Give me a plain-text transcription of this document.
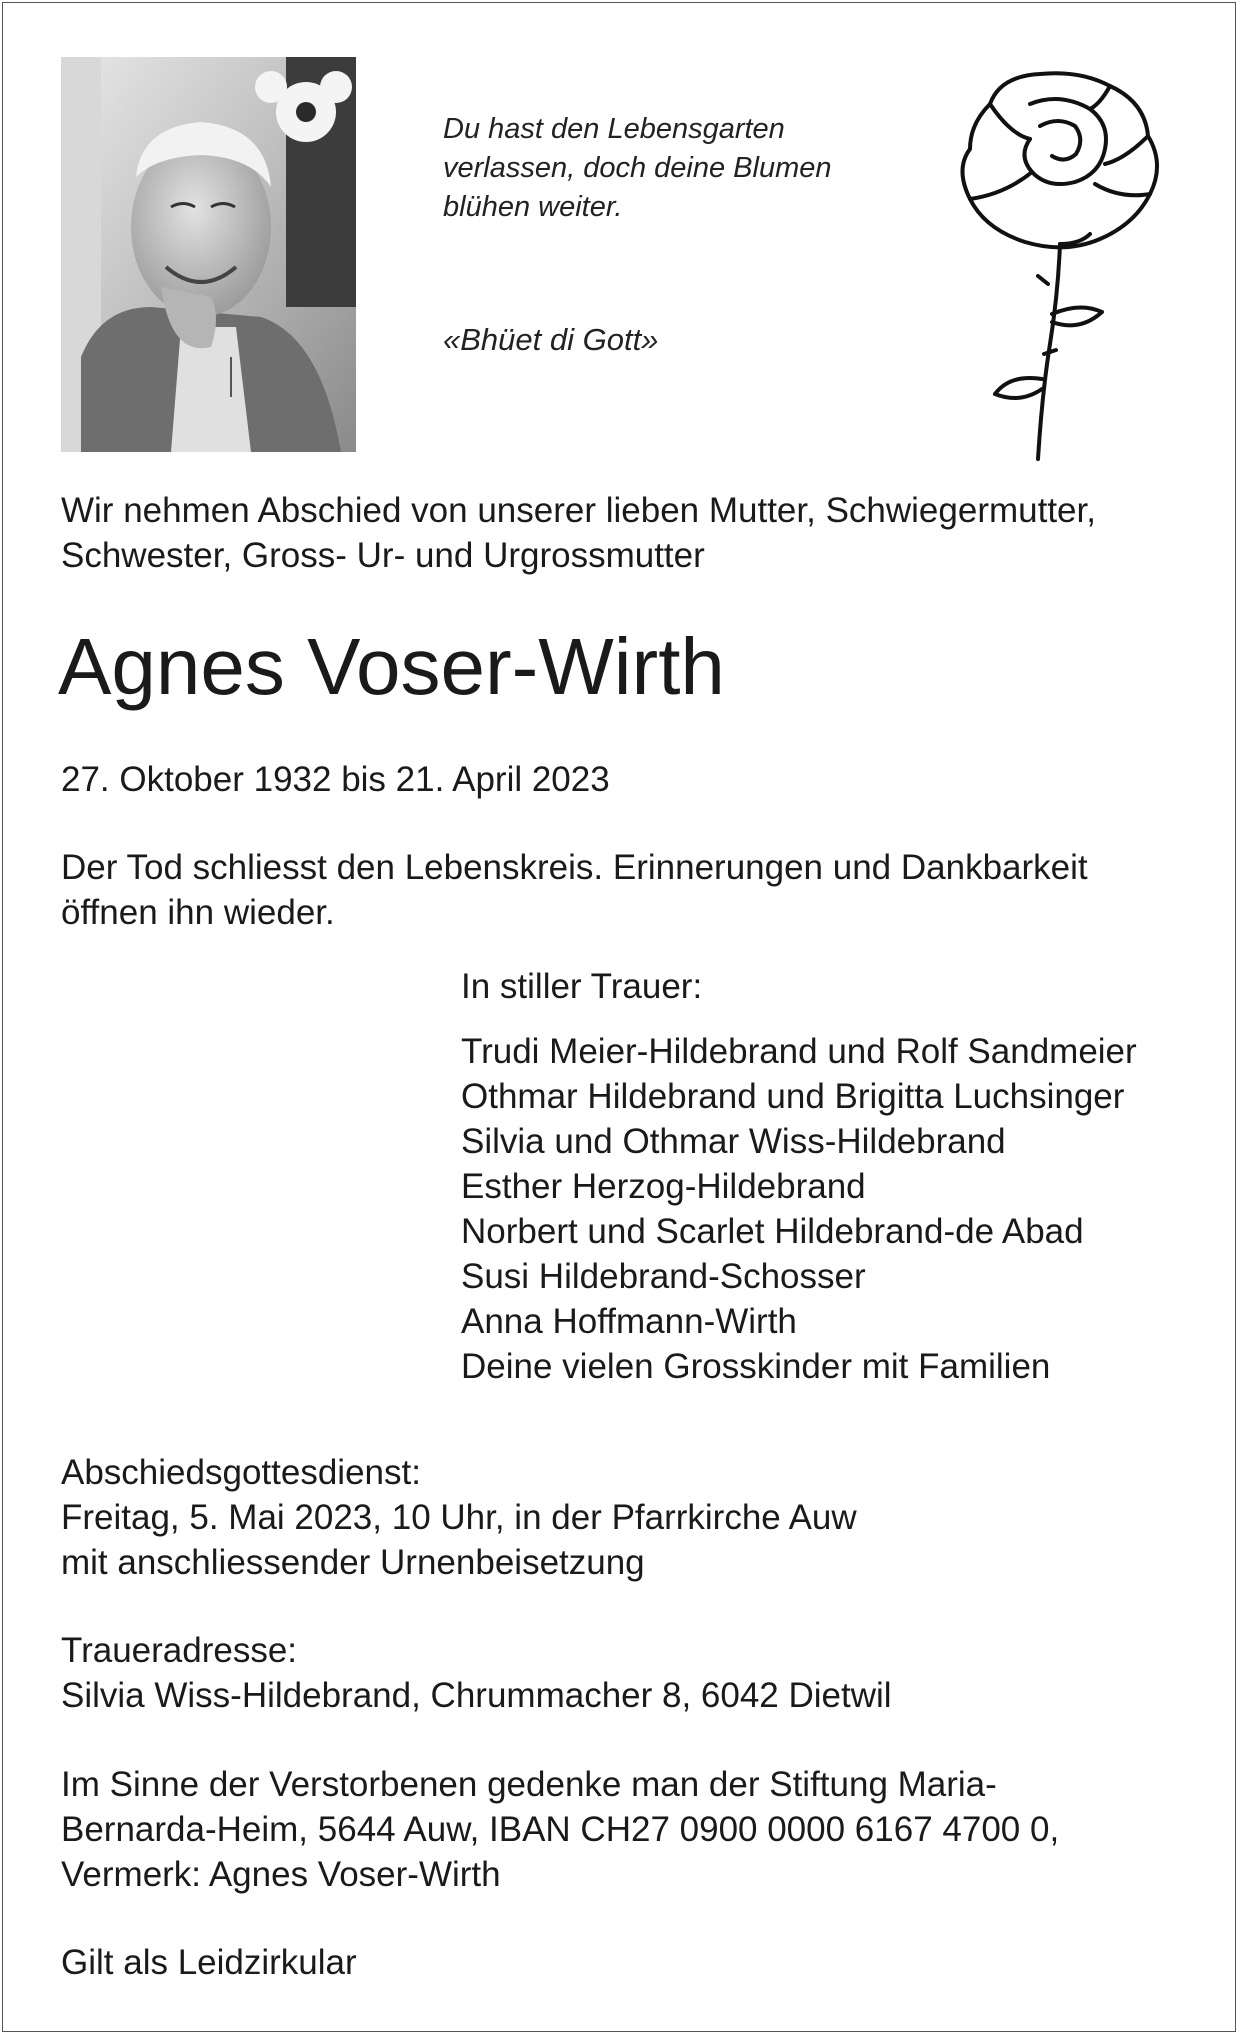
Du hast den Lebensgarten

verlassen, doch deine Blumen

blühen weiter.

«Bhüet di Gott»

Wir nehmen Abschied von unserer lieben Mutter, Schwiegermutter,

Schwester, Gross- Ur- und Urgrossmutter

Agnes Voser-Wirth
27. Oktober 1932 bis 21. April 2023

Der Tod schliesst den Lebenskreis. Erinnerungen und Dankbarkeit

öffnen ihn wieder.

In stiller Trauer:
Trudi Meier-Hildebrand und Rolf Sandmeier
Othmar Hildebrand und Brigitta Luchsinger
Silvia und Othmar Wiss-Hildebrand
Esther Herzog-Hildebrand
Norbert und Scarlet Hildebrand-de Abad
Susi Hildebrand-Schosser
Anna Hoffmann-Wirth
Deine vielen Grosskinder mit Familien

Abschiedsgottesdienst:

Freitag, 5. Mai 2023, 10 Uhr, in der Pfarrkirche Auw

mit anschliessender Urnenbeisetzung

Traueradresse:

Silvia Wiss-Hildebrand, Chrummacher 8, 6042 Dietwil

Im Sinne der Verstorbenen gedenke man der Stiftung Maria-

Bernarda-Heim, 5644 Auw, IBAN CH27 0900 0000 6167 4700 0,

Vermerk: Agnes Voser-Wirth

Gilt als Leidzirkular
